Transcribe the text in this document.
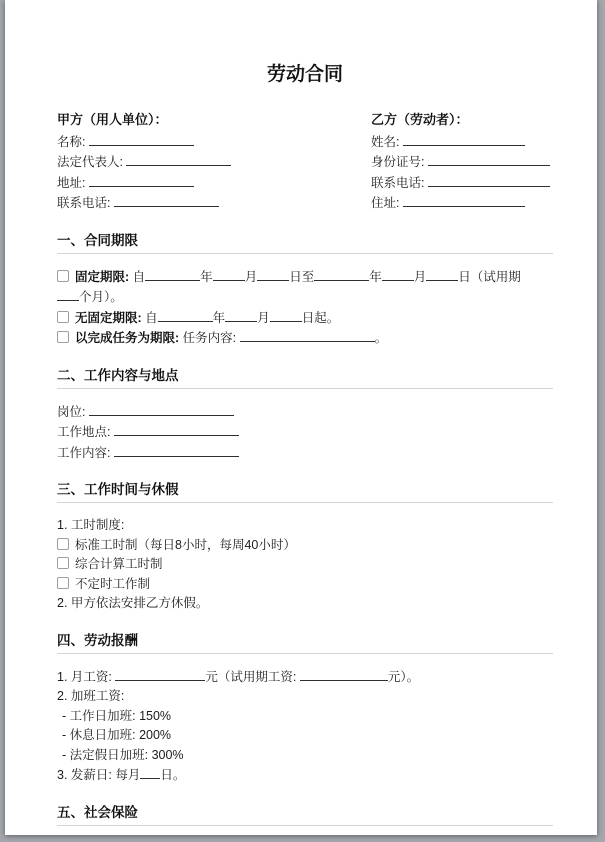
劳动合同
甲方（用人单位）：
名称:
法定代表人:
地址:
联系电话:
乙方（劳动者）：
姓名:
身份证号:
联系电话:
住址:
一、合同期限

固定期限: 自	年	月	日至	年	月	日（试用期

个月）。

无固定期限: 自	年	月	日起。

以完成任务为期限: 任务内容:	。

二、工作内容与地点

岗位:

工作地点:

工作内容:

三、工作时间与休假

1. 工时制度:

标准工时制（每日8小时，每周40小时）

综合计算工时制

不定时工作制

2. 甲方依法安排乙方休假。

四、劳动报酬

1. 月工资:	元（试用期工资:	元）。

2. 加班工资:

- 工作日加班: 150%

- 休息日加班: 200%

- 法定假日加班: 300%

3. 发薪日: 每月 日。

五、社会保险
